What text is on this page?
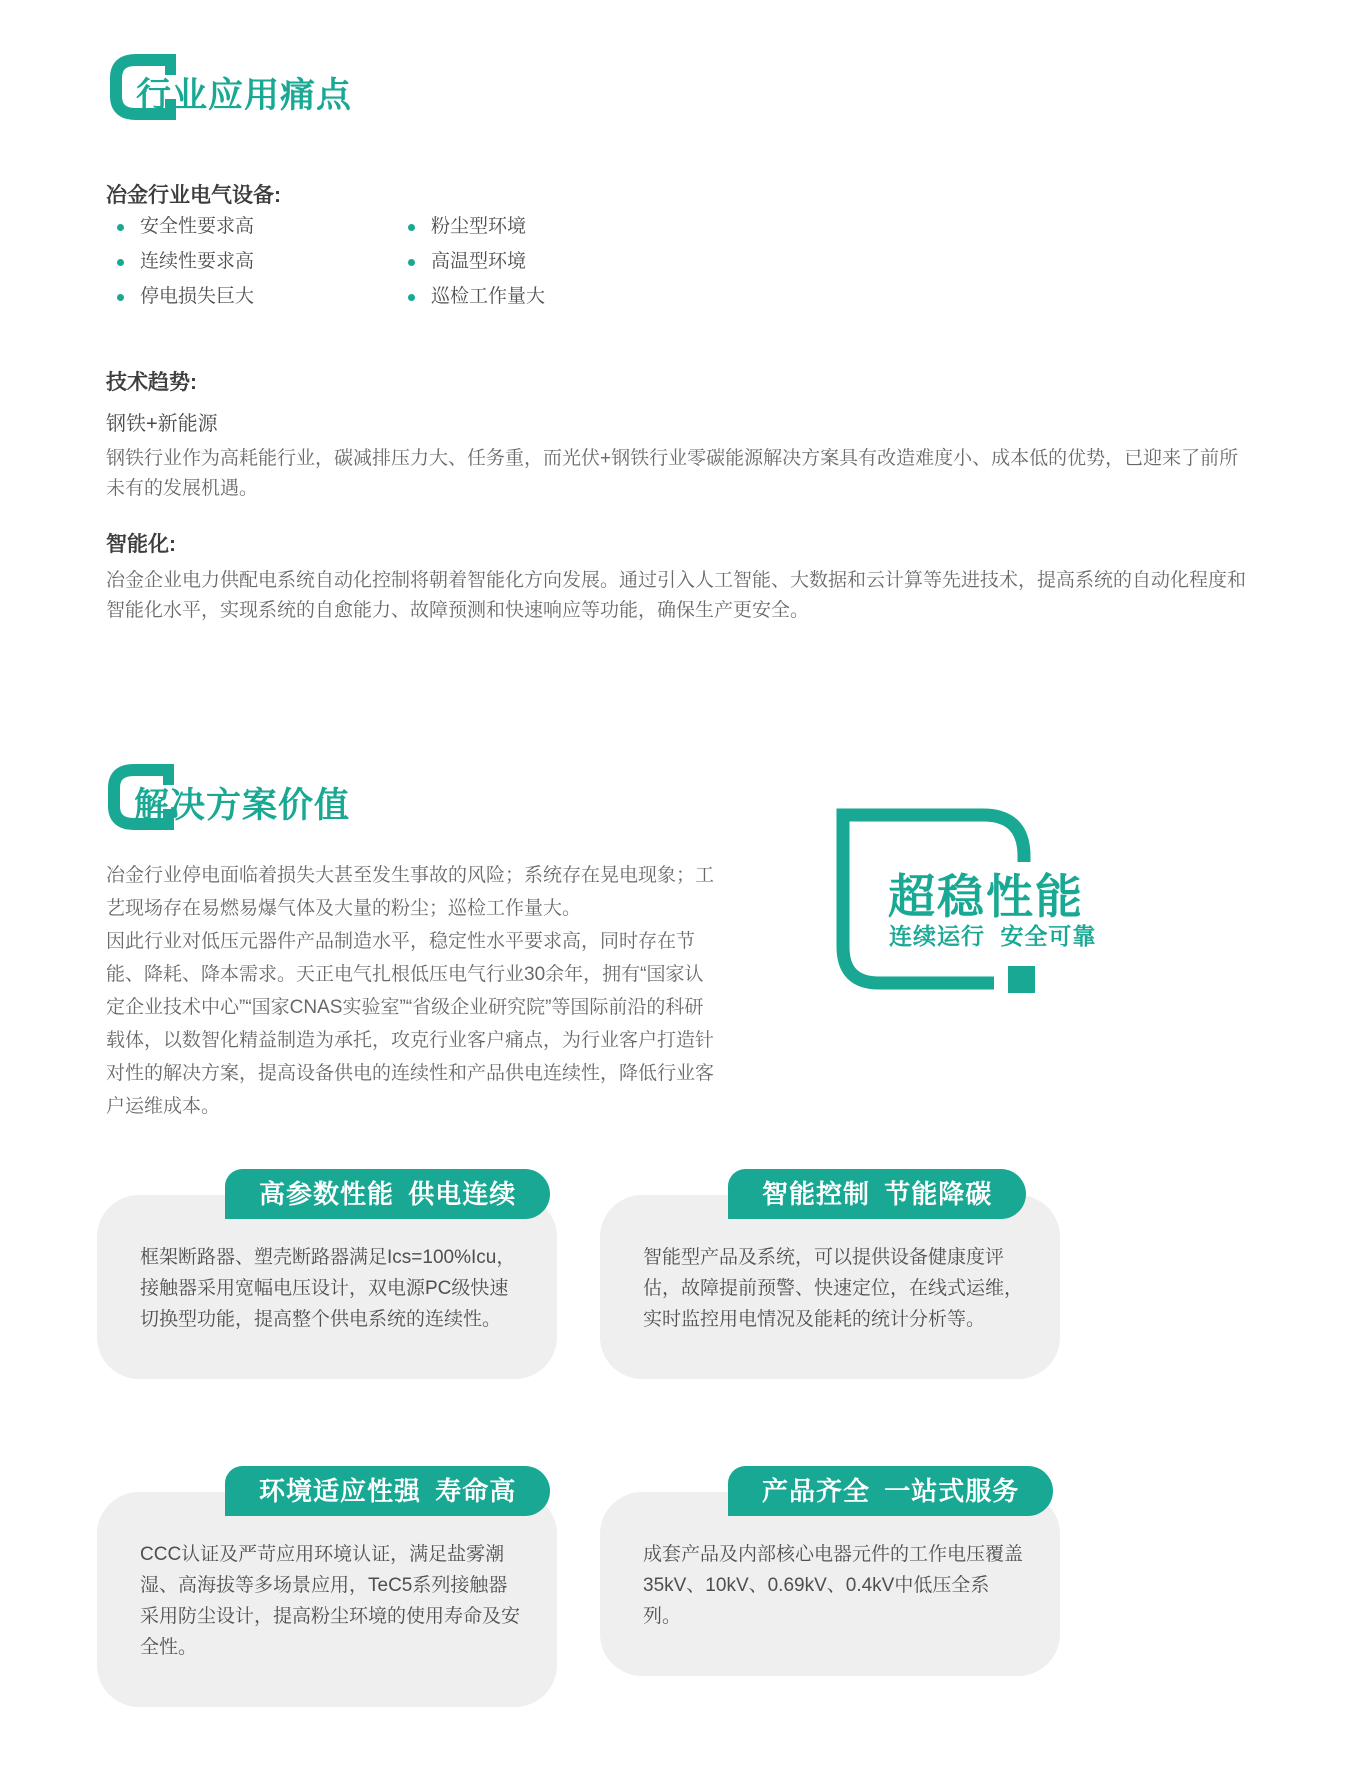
行业应用痛点
冶金行业电气设备:
安全性要求高
连续性要求高
停电损失巨大
粉尘型环境
高温型环境
巡检工作量大
技术趋势:
钢铁+新能源
钢铁行业作为高耗能行业，碳减排压力大、任务重，而光伏+钢铁行业零碳能源解决方案具有改造难度小、成本低的优势，已迎来了前所未有的发展机遇。
智能化:
冶金企业电力供配电系统自动化控制将朝着智能化方向发展。通过引入人工智能、大数据和云计算等先进技术，提高系统的自动化程度和智能化水平，实现系统的自愈能力、故障预测和快速响应等功能，确保生产更安全。
解决方案价值

冶金行业停电面临着损失大甚至发生事故的风险；系统存在晃电现象；工艺现场存在易燃易爆气体及大量的粉尘；巡检工作量大。

因此行业对低压元器件产品制造水平，稳定性水平要求高，同时存在节能、降耗、降本需求。天正电气扎根低压电气行业30余年，拥有“国家认定企业技术中心”“国家CNAS实验室”“省级企业研究院”等国际前沿的科研载体，以数智化精益制造为承托，攻克行业客户痛点，为行业客户打造针对性的解决方案，提高设备供电的连续性和产品供电连续性，降低行业客户运维成本。

超稳性能
连续运行 安全可靠
高参数性能 供电连续
框架断路器、塑壳断路器满足Ics=100%Icu，接触器采用宽幅电压设计，双电源PC级快速切换型功能，提高整个供电系统的连续性。
智能控制 节能降碳
智能型产品及系统，可以提供设备健康度评估，故障提前预警、快速定位，在线式运维，实时监控用电情况及能耗的统计分析等。
环境适应性强 寿命高
CCC认证及严苛应用环境认证，满足盐雾潮湿、高海拔等多场景应用，TeC5系列接触器采用防尘设计，提高粉尘环境的使用寿命及安全性。
产品齐全 一站式服务
成套产品及内部核心电器元件的工作电压覆盖35kV、10kV、0.69kV、0.4kV中低压全系列。
